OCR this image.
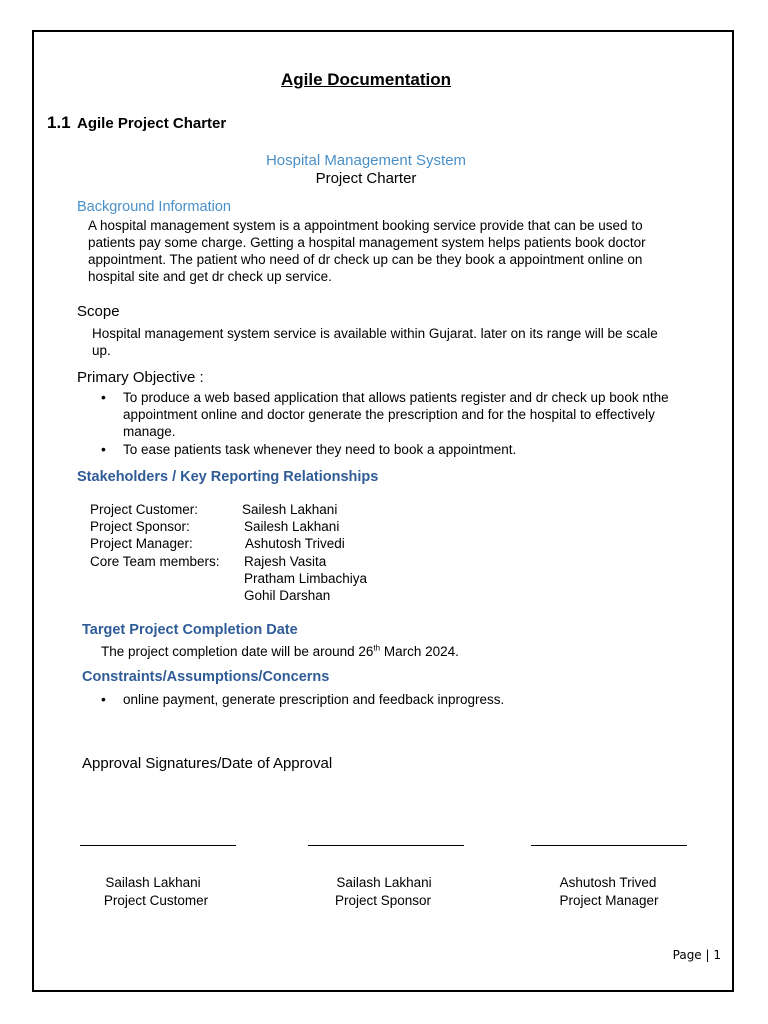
Agile Documentation
1.1 Agile Project Charter
Hospital Management System
Project Charter
Background Information
A hospital management system is a appointment booking service provide that can be used to patients pay some charge. Getting a hospital management system helps patients book doctor appointment. The patient who need of dr check up can be they book a appointment online on hospital site and get dr check up service.
Scope
Hospital management system service is available within Gujarat. later on its range will be scale up.
Primary Objective :
• To produce a web based application that allows patients register and dr check up book nthe appointment online and doctor generate the prescription and for the hospital to effectively manage.
• To ease patients task whenever they need to book a appointment.
Stakeholders / Key Reporting Relationships
Project Customer:	Sailesh Lakhani
Project Sponsor:	Sailesh Lakhani
Project Manager:	Ashutosh Trivedi
Core Team members: Rajesh Vasita
Pratham Limbachiya
Gohil Darshan
Target Project Completion Date
The project completion date will be around 26th March 2024.
Constraints/Assumptions/Concerns
• online payment, generate prescription and feedback inprogress.
Approval Signatures/Date of Approval
Sailash Lakhani
Project Customer
Sailash Lakhani
Project Sponsor
Ashutosh Trived
Project Manager
Page | 1
